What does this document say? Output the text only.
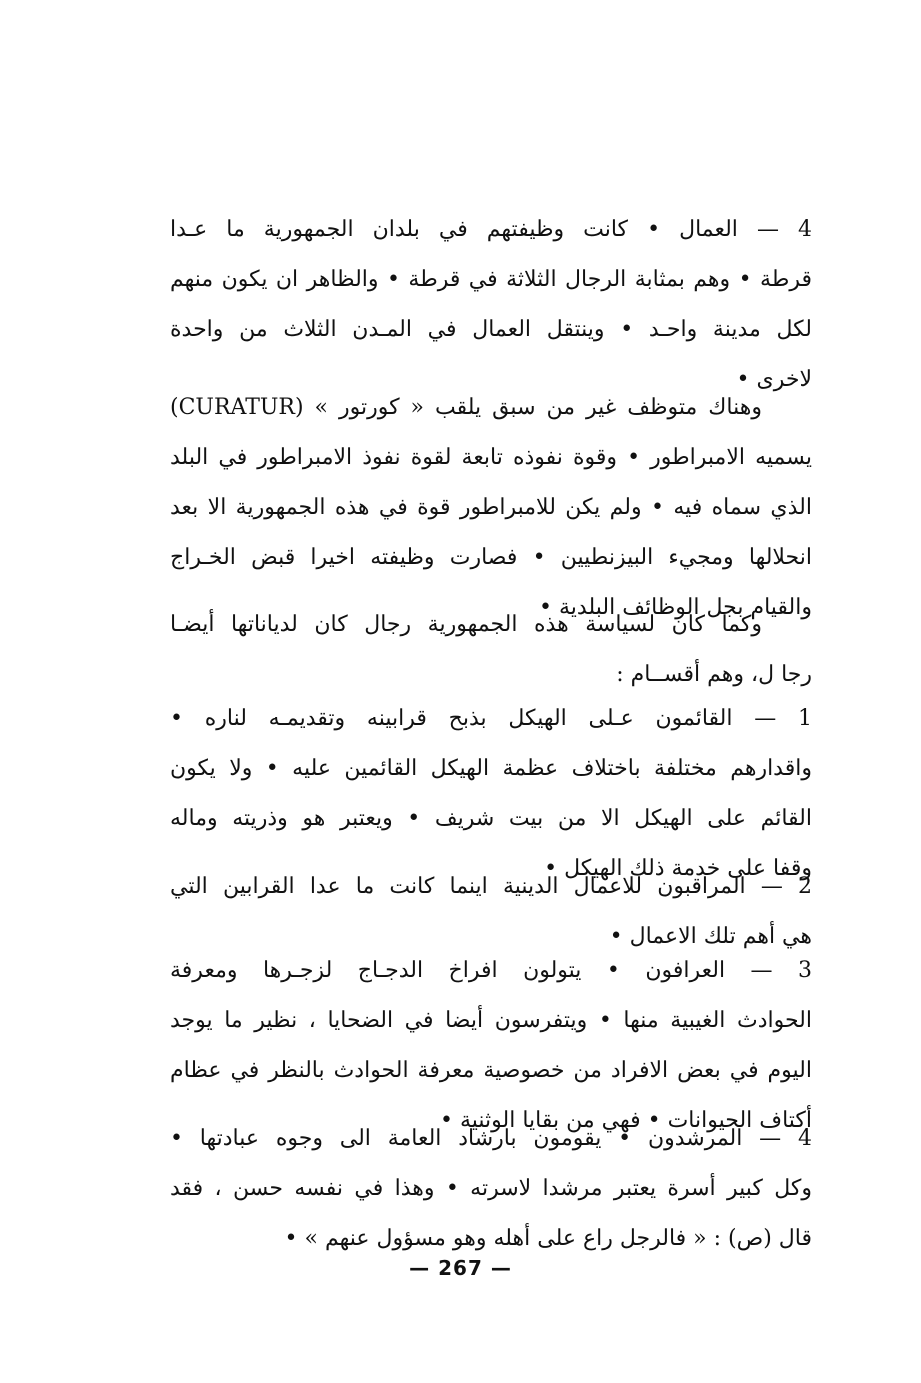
4 — العمال • كانت وظيفتهم في بلدان الجمهورية ما عـدا
قرطة • وهم بمثابة الرجال الثلاثة في قرطة • والظاهر ان يكون منهم
لكل مدينة واحـد • وينتقل العمال في المـدن الثلاث من واحدة
لاخرى •
وهناك متوظف غير من سبق يلقب « كورتور » (CURATUR)
يسميه الامبراطور • وقوة نفوذه تابعة لقوة نفوذ الامبراطور في البلد
الذي سماه فيه • ولم يكن للامبراطور قوة في هذه الجمهورية الا بعد
انحلالها ومجيء البيزنطيين • فصارت وظيفته اخيرا قبض الخـراج
والقيام بجل الوظائف البلدية •
وكما كان لسياسة هذه الجمهورية رجال كان لدياناتها أيضـا
رجا ل، وهم أقســام :
1 — القائمون عـلى الهيكل بذبح قرابينه وتقديمـه لناره •
واقدارهم مختلفة باختلاف عظمة الهيكل القائمين عليه • ولا يكون
القائم على الهيكل الا من بيت شريف • ويعتبر هو وذريته وماله
وقفا على خدمة ذلك الهيكل •
2 — المراقبون للاعمال الدينية اينما كانت ما عدا القرابين التي
هي أهم تلك الاعمال •
3 — العرافون • يتولون افراخ الدجـاج لزجـرها ومعرفة
الحوادث الغيبية منها • ويتفرسون أيضا في الضحايا ، نظير ما يوجد
اليوم في بعض الافراد من خصوصية معرفة الحوادث بالنظر في عظام
أكتاف الحيوانات • فهي من بقايا الوثنية •
4 — المرشدون • يقومون بارشاد العامة الى وجوه عبادتها •
وكل كبير أسرة يعتبر مرشدا لاسرته • وهذا في نفسه حسن ، فقد
قال (ص) : « فالرجل راع على أهله وهو مسؤول عنهم » •
— 267 —
